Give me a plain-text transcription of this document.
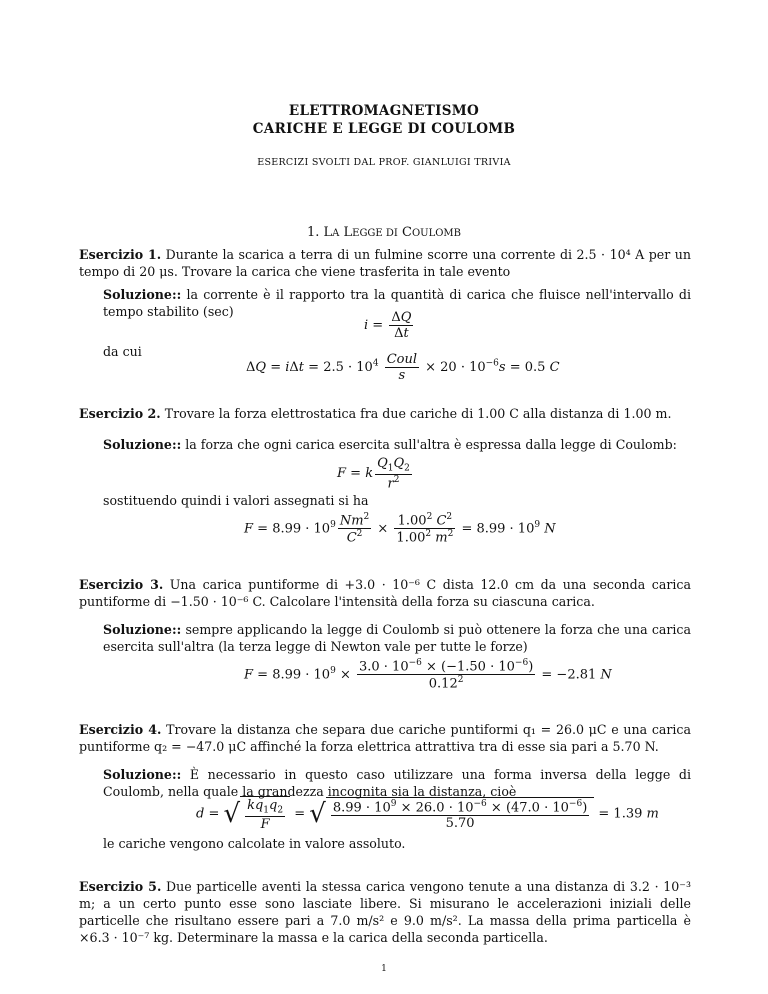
ELETTROMAGNETISMO
CARICHE E LEGGE DI COULOMB
ESERCIZI SVOLTI DAL PROF. GIANLUIGI TRIVIA
1. LA LEGGE DI COULOMB
Esercizio 1. Durante la scarica a terra di un fulmine scorre una corrente di 2.5 · 10⁴ A per un tempo di 20 μs. Trovare la carica che viene trasferita in tale evento
Soluzione:: la corrente è il rapporto tra la quantità di carica che fluisce nell'intervallo di tempo stabilito (sec)
$i = \frac{\Delta Q}{\Delta t}$
da cui
$\Delta Q = i\Delta t = 2.5 \cdot 10^4 \frac{\text{Coul}}{s} \times 20 \cdot 10^{-6}s = 0.5$ C
Esercizio 2. Trovare la forza elettrostatica fra due cariche di 1.00 C alla distanza di 1.00 m.
Soluzione:: la forza che ogni carica esercita sull'altra è espressa dalla legge di Coulomb:
F = k $\frac{Q_1Q_2}{r^2}$
sostituendo quindi i valori assegnati si ha
$F = 8.99 \cdot 10^9 \frac{Nm^2}{C^2} \times \frac{1.00^2 C^2}{1.00^2 m^2} = 8.99 \cdot 10^9$ N
Esercizio 3. Una carica puntiforme di +3.0 · 10⁻⁶ C dista 12.0 cm da una seconda carica puntiforme di −1.50 · 10⁻⁶ C. Calcolare l'intensità della forza su ciascuna carica.
Soluzione:: sempre applicando la legge di Coulomb si può ottenere la forza che una carica esercita sull'altra (la terza legge di Newton vale per tutte le forze)
$F = 8.99 \cdot 10^9 \times \frac{3.0 \cdot 10^{-6} \times (-1.50 \cdot 10^{-6})}{0.12^2} = -2.81$ N
Esercizio 4. Trovare la distanza che separa due cariche puntiformi q₁ = 26.0 μC e una carica puntiforme q₂ = −47.0 μC affinché la forza elettrica attrattiva tra di esse sia pari a 5.70 N.
Soluzione:: È necessario in questo caso utilizzare una forma inversa della legge di Coulomb, nella quale la grandezza incognita sia la distanza, cioè
d = √ $\frac{kq_1q_2}{F}$ = √ $\frac{8.99 \cdot 10^9 \times 26.0 \cdot 10^{-6} \times (47.0 \cdot 10^{-6})}{5.70} = 1.39$ m
le cariche vengono calcolate in valore assoluto.
Esercizio 5. Due particelle aventi la stessa carica vengono tenute a una distanza di 3.2 · 10⁻³ m; a un certo punto esse sono lasciate libere. Si misurano le accelerazioni iniziali delle particelle che risultano essere pari a 7.0 m/s² e 9.0 m/s². La massa della prima particella è ×6.3 · 10⁻⁷ kg. Determinare la massa e la carica della seconda particella.
1
